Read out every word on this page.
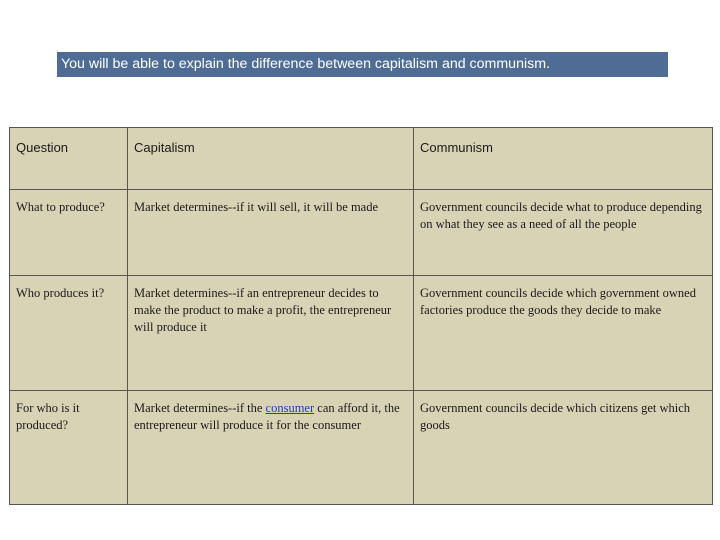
You will be able to explain the difference between capitalism and communism.
Question	Capitalism	Communism
What to produce?	Market determines--if it will sell, it will be made	Government councils decide what to produce depending on what they see as a need of all the people
Who produces it?	Market determines--if an entrepreneur decides to make the product to make a profit, the entrepreneur will produce it	Government councils decide which government owned factories produce the goods they decide to make
For who is it produced?	Market determines--if the consumer can afford it, the entrepreneur will produce it for the consumer	Government councils decide which citizens get which goods
